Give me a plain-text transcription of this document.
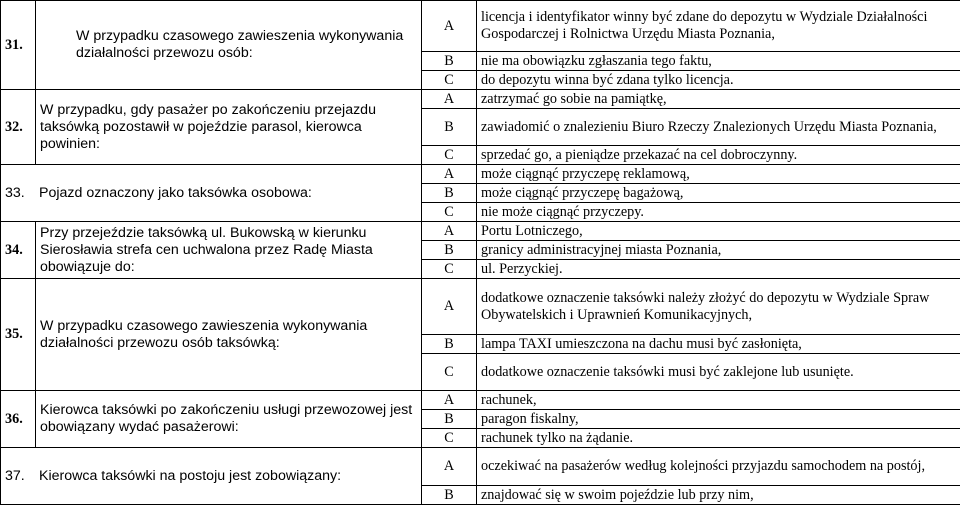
31.	W przypadku czasowego zawieszenia wykonywania działalności przewozu osób:	A	licencja i identyfikator winny być zdane do depozytu w Wydziale Działalności Gospodarczej i Rolnictwa Urzędu Miasta Poznania,
		B	nie ma obowiązku zgłaszania tego faktu,
		C	do depozytu winna być zdana tylko licencja.
32.	W przypadku, gdy pasażer po zakończeniu przejazdu taksówką pozostawił w pojeździe parasol, kierowca powinien:	A	zatrzymać go sobie na pamiątkę,
		B	zawiadomić o znalezieniu Biuro Rzeczy Znalezionych Urzędu Miasta Poznania,
		C	sprzedać go, a pieniądze przekazać na cel dobroczynny.
33. Pojazd oznaczony jako taksówka osobowa:		A	może ciągnąć przyczepę reklamową,
		B	może ciągnąć przyczepę bagażową,
		C	nie może ciągnąć przyczepy.
34.	Przy przejeździe taksówką ul. Bukowską w kierunku Sierosławia strefa cen uchwalona przez Radę Miasta obowiązuje do:	A	Portu Lotniczego,
		B	granicy administracyjnej miasta Poznania,
		C	ul. Perzyckiej.
35.	W przypadku czasowego zawieszenia wykonywania działalności przewozu osób taksówką:	A	dodatkowe oznaczenie taksówki należy złożyć do depozytu w Wydziale Spraw Obywatelskich i Uprawnień Komunikacyjnych,
		B	lampa TAXI umieszczona na dachu musi być zasłonięta,
		C	dodatkowe oznaczenie taksówki musi być zaklejone lub usunięte.
36.	Kierowca taksówki po zakończeniu usługi przewozowej jest obowiązany wydać pasażerowi:	A	rachunek,
		B	paragon fiskalny,
		C	rachunek tylko na żądanie.
37. Kierowca taksówki na postoju jest zobowiązany:		A	oczekiwać na pasażerów według kolejności przyjazdu samochodem na postój,
		B	znajdować się w swoim pojeździe lub przy nim,
